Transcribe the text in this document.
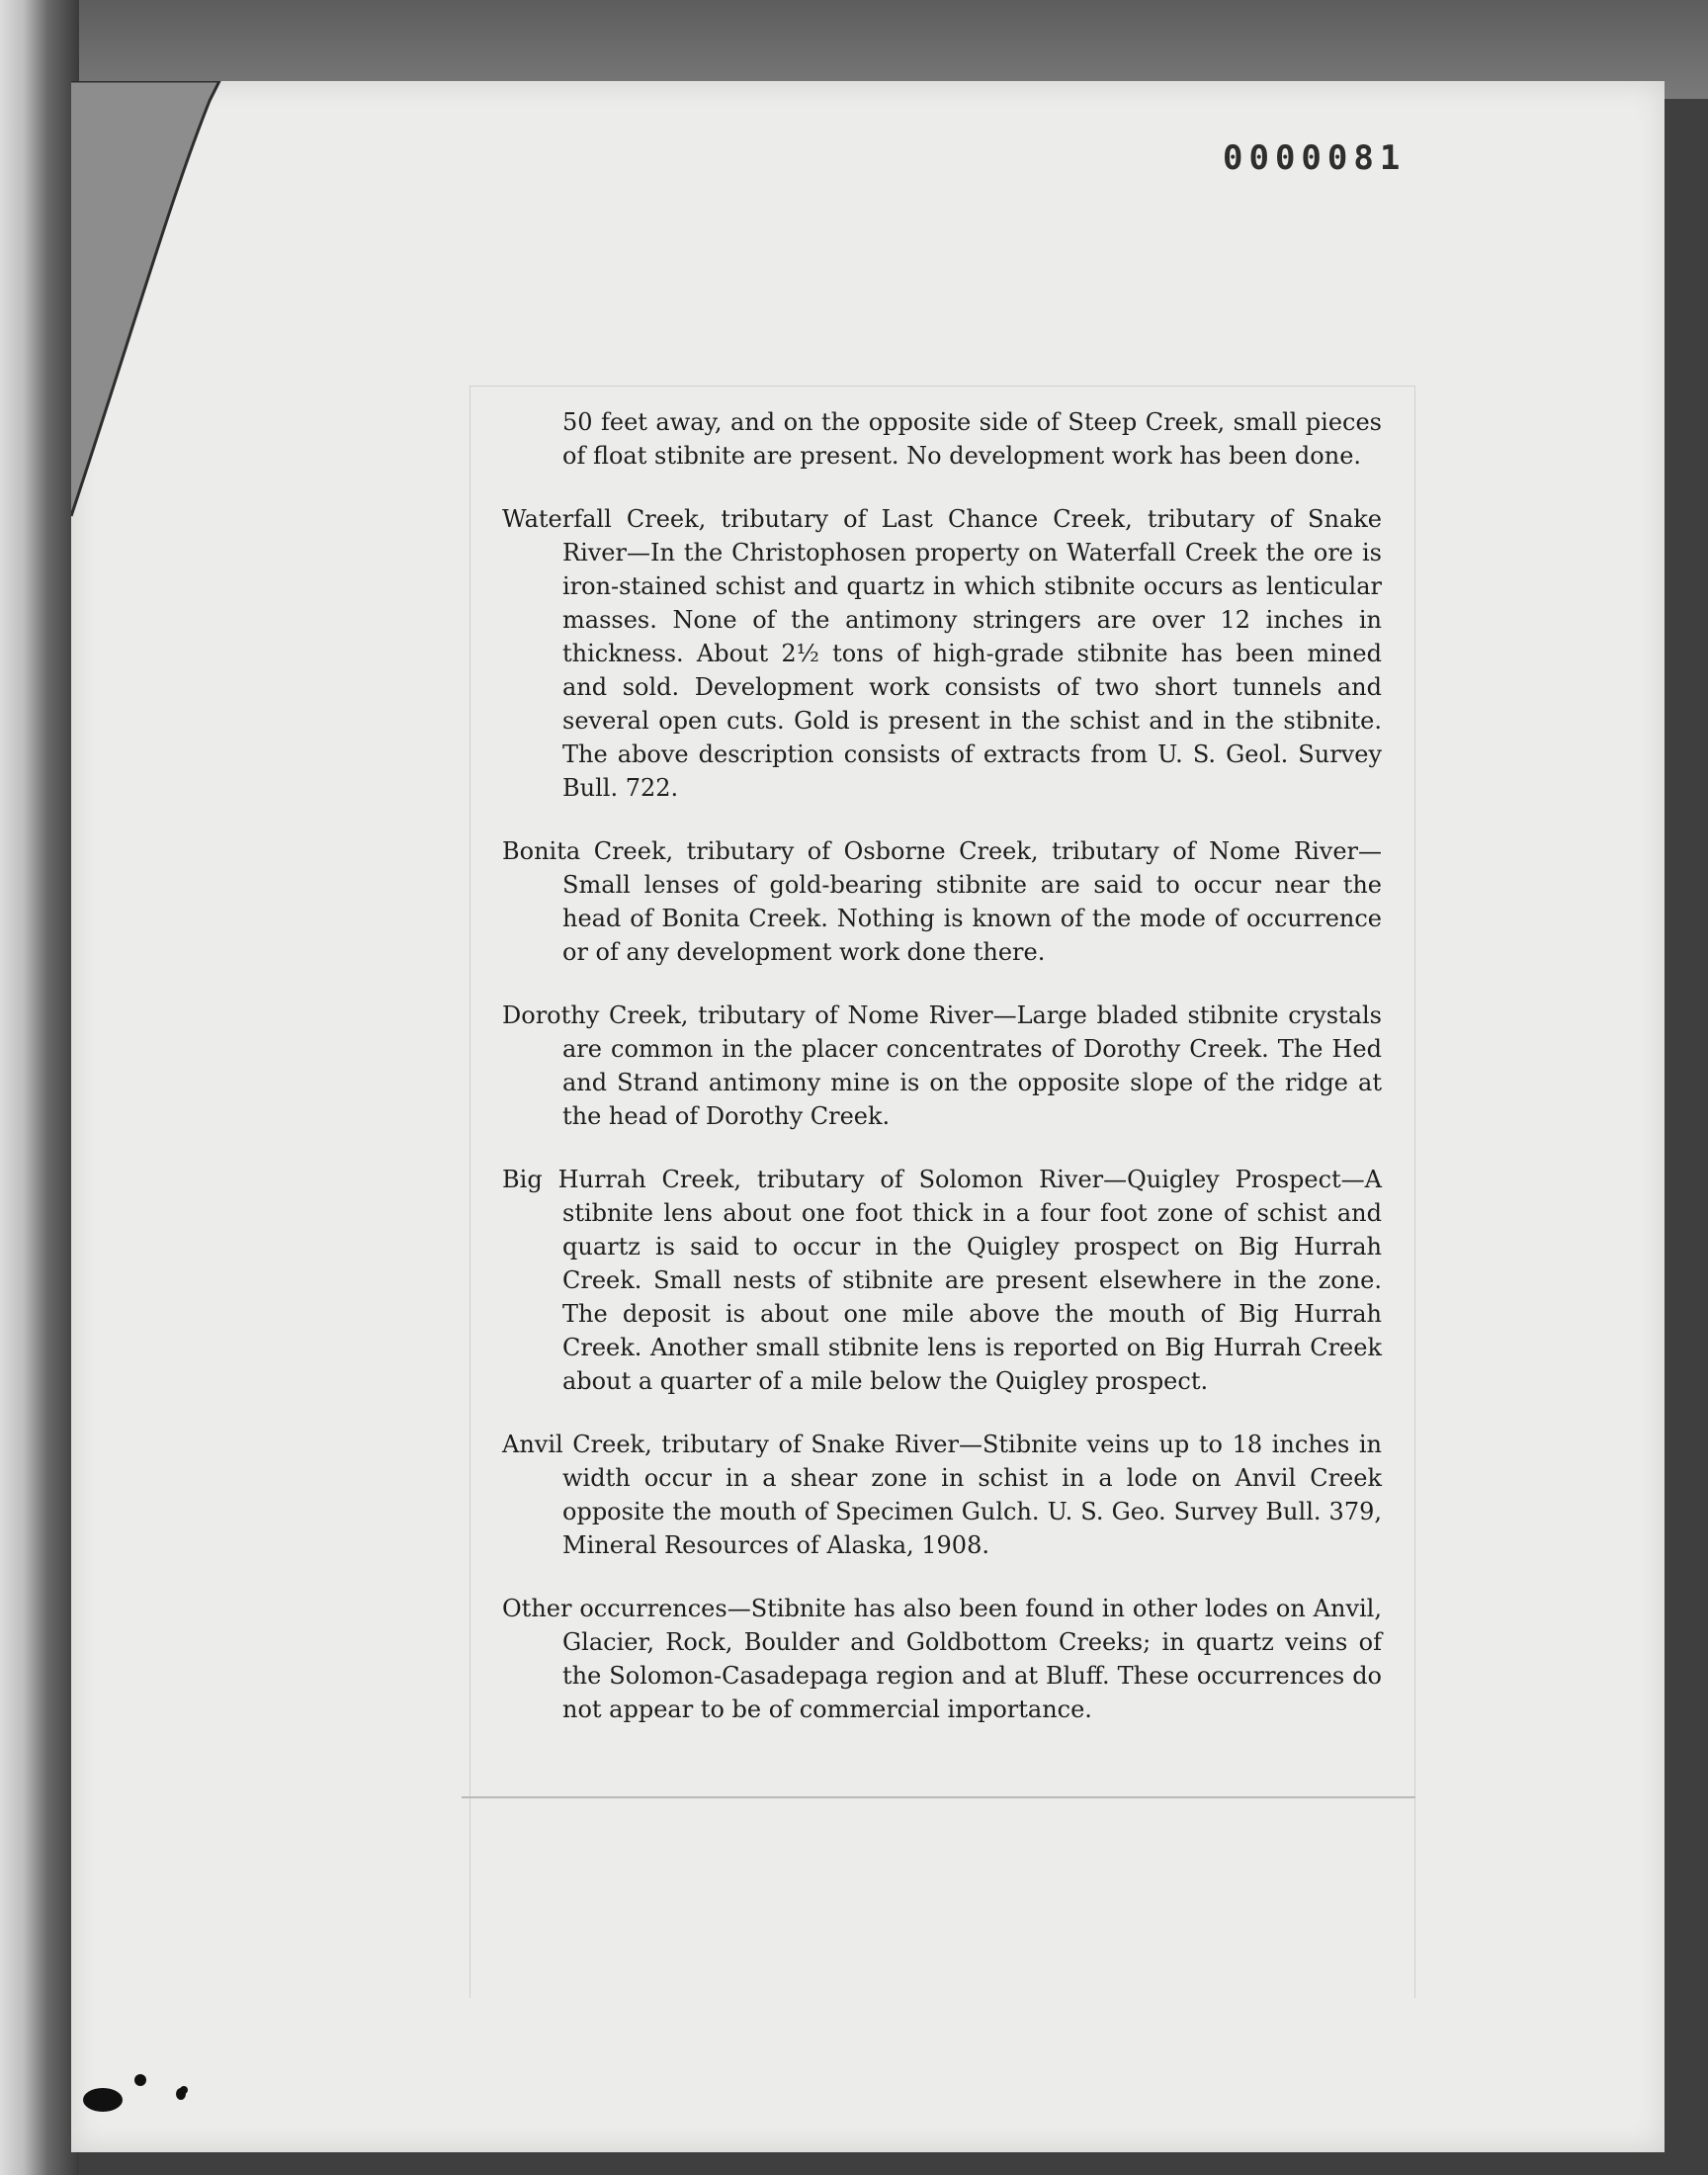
0000081

50 feet away, and on the opposite side of Steep Creek, small pieces of float stibnite are present. No development work has been done.

Waterfall Creek, tributary of Last Chance Creek, tributary of Snake River—In the Christophosen property on Waterfall Creek the ore is iron-stained schist and quartz in which stibnite occurs as lenticular masses. None of the antimony stringers are over 12 inches in thickness. About 2½ tons of high-grade stibnite has been mined and sold. Development work consists of two short tunnels and several open cuts. Gold is present in the schist and in the stibnite. The above description consists of extracts from U. S. Geol. Survey Bull. 722.

Bonita Creek, tributary of Osborne Creek, tributary of Nome River—Small lenses of gold-bearing stibnite are said to occur near the head of Bonita Creek. Nothing is known of the mode of occurrence or of any development work done there.

Dorothy Creek, tributary of Nome River—Large bladed stibnite crystals are common in the placer concentrates of Dorothy Creek. The Hed and Strand antimony mine is on the opposite slope of the ridge at the head of Dorothy Creek.

Big Hurrah Creek, tributary of Solomon River—Quigley Prospect—A stibnite lens about one foot thick in a four foot zone of schist and quartz is said to occur in the Quigley prospect on Big Hurrah Creek. Small nests of stibnite are present elsewhere in the zone. The deposit is about one mile above the mouth of Big Hurrah Creek. Another small stibnite lens is reported on Big Hurrah Creek about a quarter of a mile below the Quigley prospect.

Anvil Creek, tributary of Snake River—Stibnite veins up to 18 inches in width occur in a shear zone in schist in a lode on Anvil Creek opposite the mouth of Specimen Gulch. U. S. Geo. Survey Bull. 379, Mineral Resources of Alaska, 1908.

Other occurrences—Stibnite has also been found in other lodes on Anvil, Glacier, Rock, Boulder and Goldbottom Creeks; in quartz veins of the Solomon-Casadepaga region and at Bluff. These occurrences do not appear to be of commercial importance.
